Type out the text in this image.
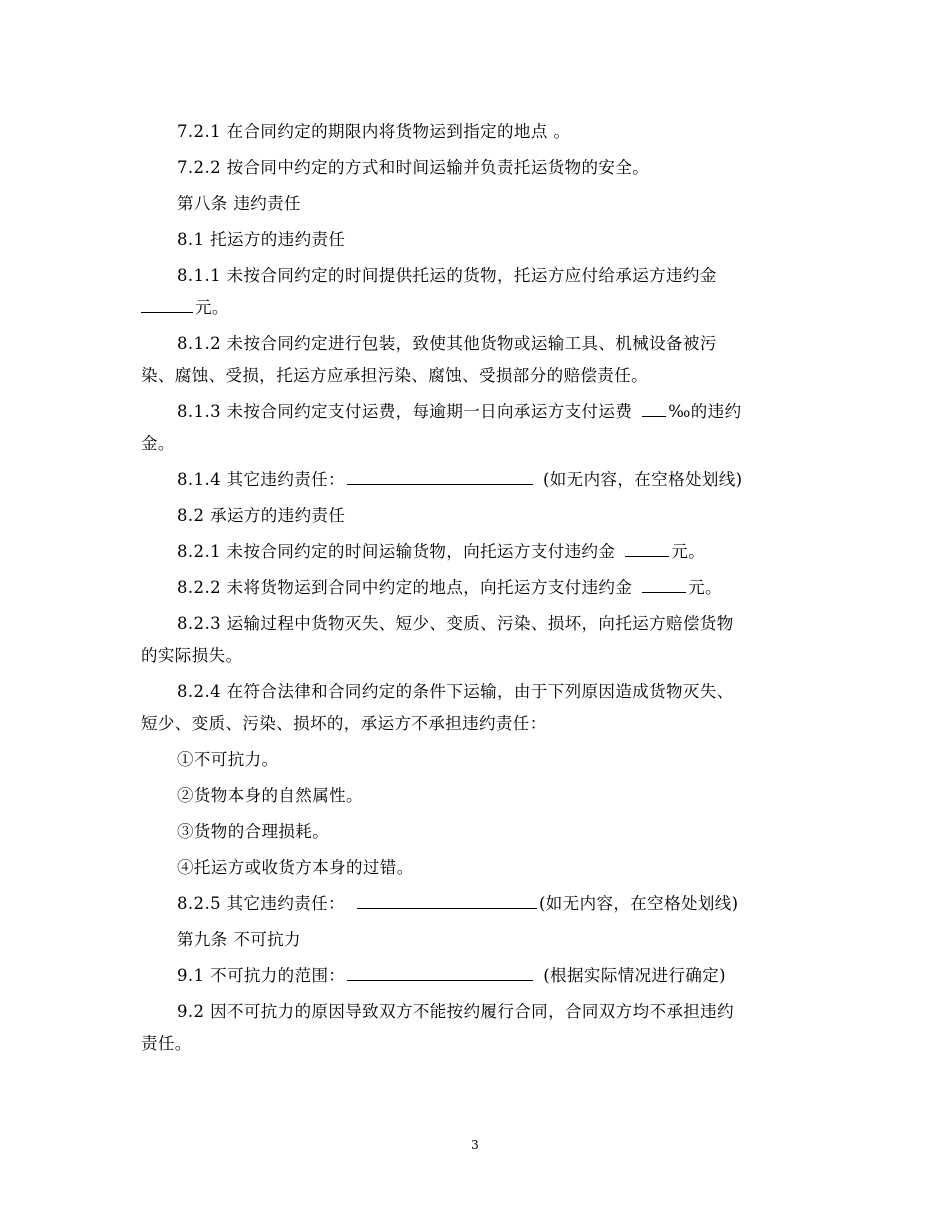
7.2.1 在合同约定的期限内将货物运到指定的地点 。
7.2.2 按合同中约定的方式和时间运输并负责托运货物的安全。
第八条 违约责任
8.1 托运方的违约责任
8.1.1 未按合同约定的时间提供托运的货物，托运方应付给承运方违约金
元。
8.1.2 未按合同约定进行包装，致使其他货物或运输工具、机械设备被污
染、腐蚀、受损，托运方应承担污染、腐蚀、受损部分的赔偿责任。
8.1.3 未按合同约定支付运费，每逾期一日向承运方支付运费 ‰的违约
金。
8.1.4 其它违约责任：	(如无内容，在空格处划线)
8.2 承运方的违约责任
8.2.1 未按合同约定的时间运输货物，向托运方支付违约金	元。
8.2.2 未将货物运到合同中约定的地点，向托运方支付违约金	元。
8.2.3 运输过程中货物灭失、短少、变质、污染、损坏，向托运方赔偿货物
的实际损失。
8.2.4 在符合法律和合同约定的条件下运输，由于下列原因造成货物灭失、
短少、变质、污染、损坏的，承运方不承担违约责任：
①不可抗力。
②货物本身的自然属性。
③货物的合理损耗。
④托运方或收货方本身的过错。
8.2.5 其它违约责任：	(如无内容，在空格处划线)
第九条 不可抗力
9.1 不可抗力的范围：	(根据实际情况进行确定)
9.2 因不可抗力的原因导致双方不能按约履行合同，合同双方均不承担违约
责任。
3
